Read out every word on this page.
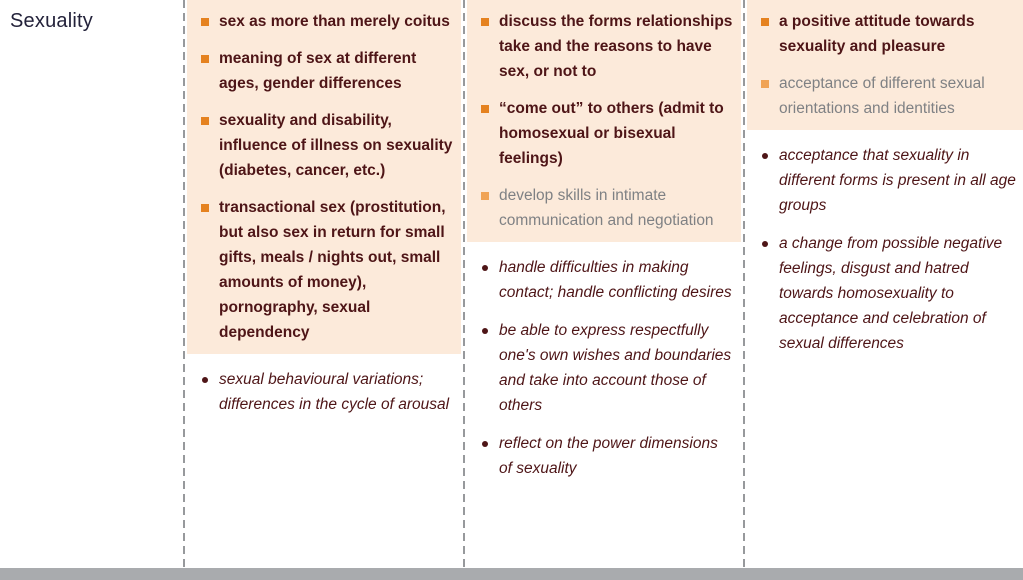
Sexuality	sex as more than merely coitus
meaning of sex at different ages, gender differences
sexuality and disability, influence of illness on sexuality (diabetes, cancer, etc.)
transactional sex (prostitution, but also sex in return for small gifts, meals / nights out, small amounts of money), pornography, sexual dependency
sexual behavioural variations; differences in the cycle of arousal
discuss the forms relationships take and the reasons to have sex, or not to
“come out” to others (admit to homosexual or bisexual feelings)
develop skills in intimate communication and negotiation
handle difficulties in making contact; handle conflicting desires
be able to express respectfully one's own wishes and boundaries and take into account those of others
reflect on the power dimensions of sexuality
a positive attitude towards sexuality and pleasure
acceptance of different sexual orientations and identities
acceptance that sexuality in different forms is present in all age groups
a change from possible negative feelings, disgust and hatred towards homosexuality to acceptance and celebration of sexual differences
